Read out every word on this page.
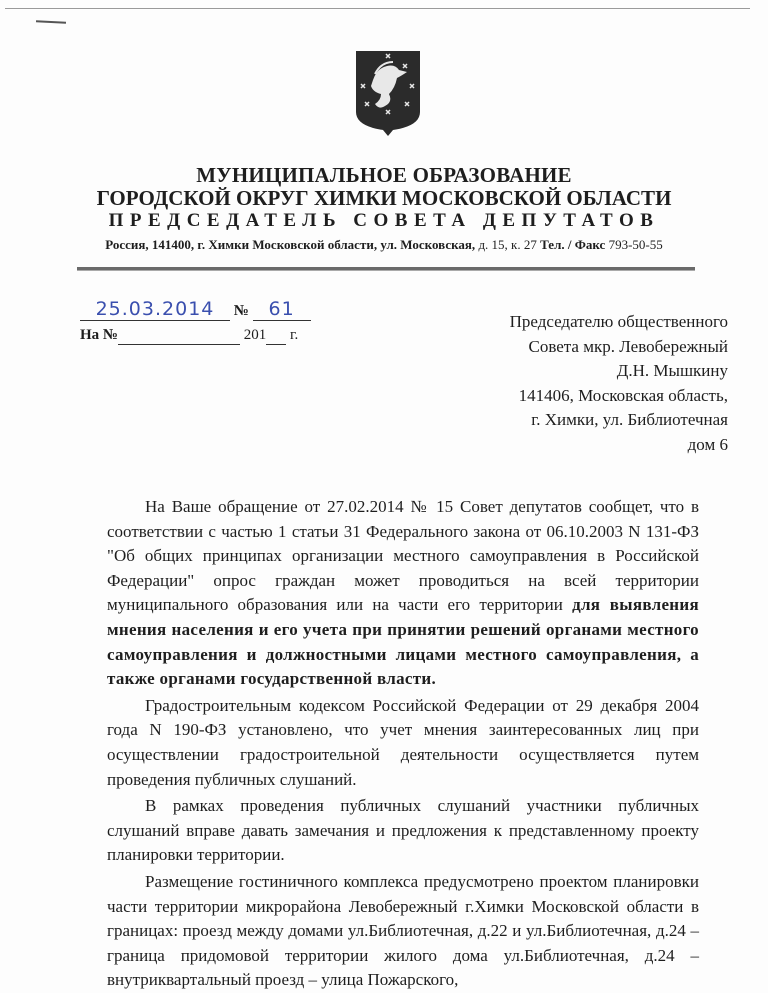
МУНИЦИПАЛЬНОЕ ОБРАЗОВАНИЕ
ГОРОДСКОЙ ОКРУГ ХИМКИ МОСКОВСКОЙ ОБЛАСТИ
ПРЕДСЕДАТЕЛЬ СОВЕТА ДЕПУТАТОВ
Россия, 141400, г. Химки Московской области, ул. Московская, д. 15, к. 27 Тел. / Факс 793-50-55
25.03.2014 № 61
На №	201 г.
Председателю общественного
Совета мкр. Левобережный
Д.Н. Мышкину
141406, Московская область,
г. Химки, ул. Библиотечная
дом 6

На Ваше обращение от 27.02.2014 № 15 Совет депутатов сообщет, что в соответствии с частью 1 статьи 31 Федерального закона от 06.10.2003 N 131-ФЗ "Об общих принципах организации местного самоуправления в Российской Федерации" опрос граждан может проводиться на всей территории муниципального образования или на части его территории для выявления мнения населения и его учета при принятии решений органами местного самоуправления и должностными лицами местного самоуправления, а также органами государственной власти.

Градостроительным кодексом Российской Федерации от 29 декабря 2004 года N 190-ФЗ установлено, что учет мнения заинтересованных лиц при осуществлении градостроительной деятельности осуществляется путем проведения публичных слушаний.

В рамках проведения публичных слушаний участники публичных слушаний вправе давать замечания и предложения к представленному проекту планировки территории.

Размещение гостиничного комплекса предусмотрено проектом планировки части территории микрорайона Левобережный г.Химки Московской области в границах: проезд между домами ул.Библиотечная, д.22 и ул.Библиотечная, д.24 – граница придомовой территории жилого дома ул.Библиотечная, д.24 – внутриквартальный проезд – улица Пожарского,
